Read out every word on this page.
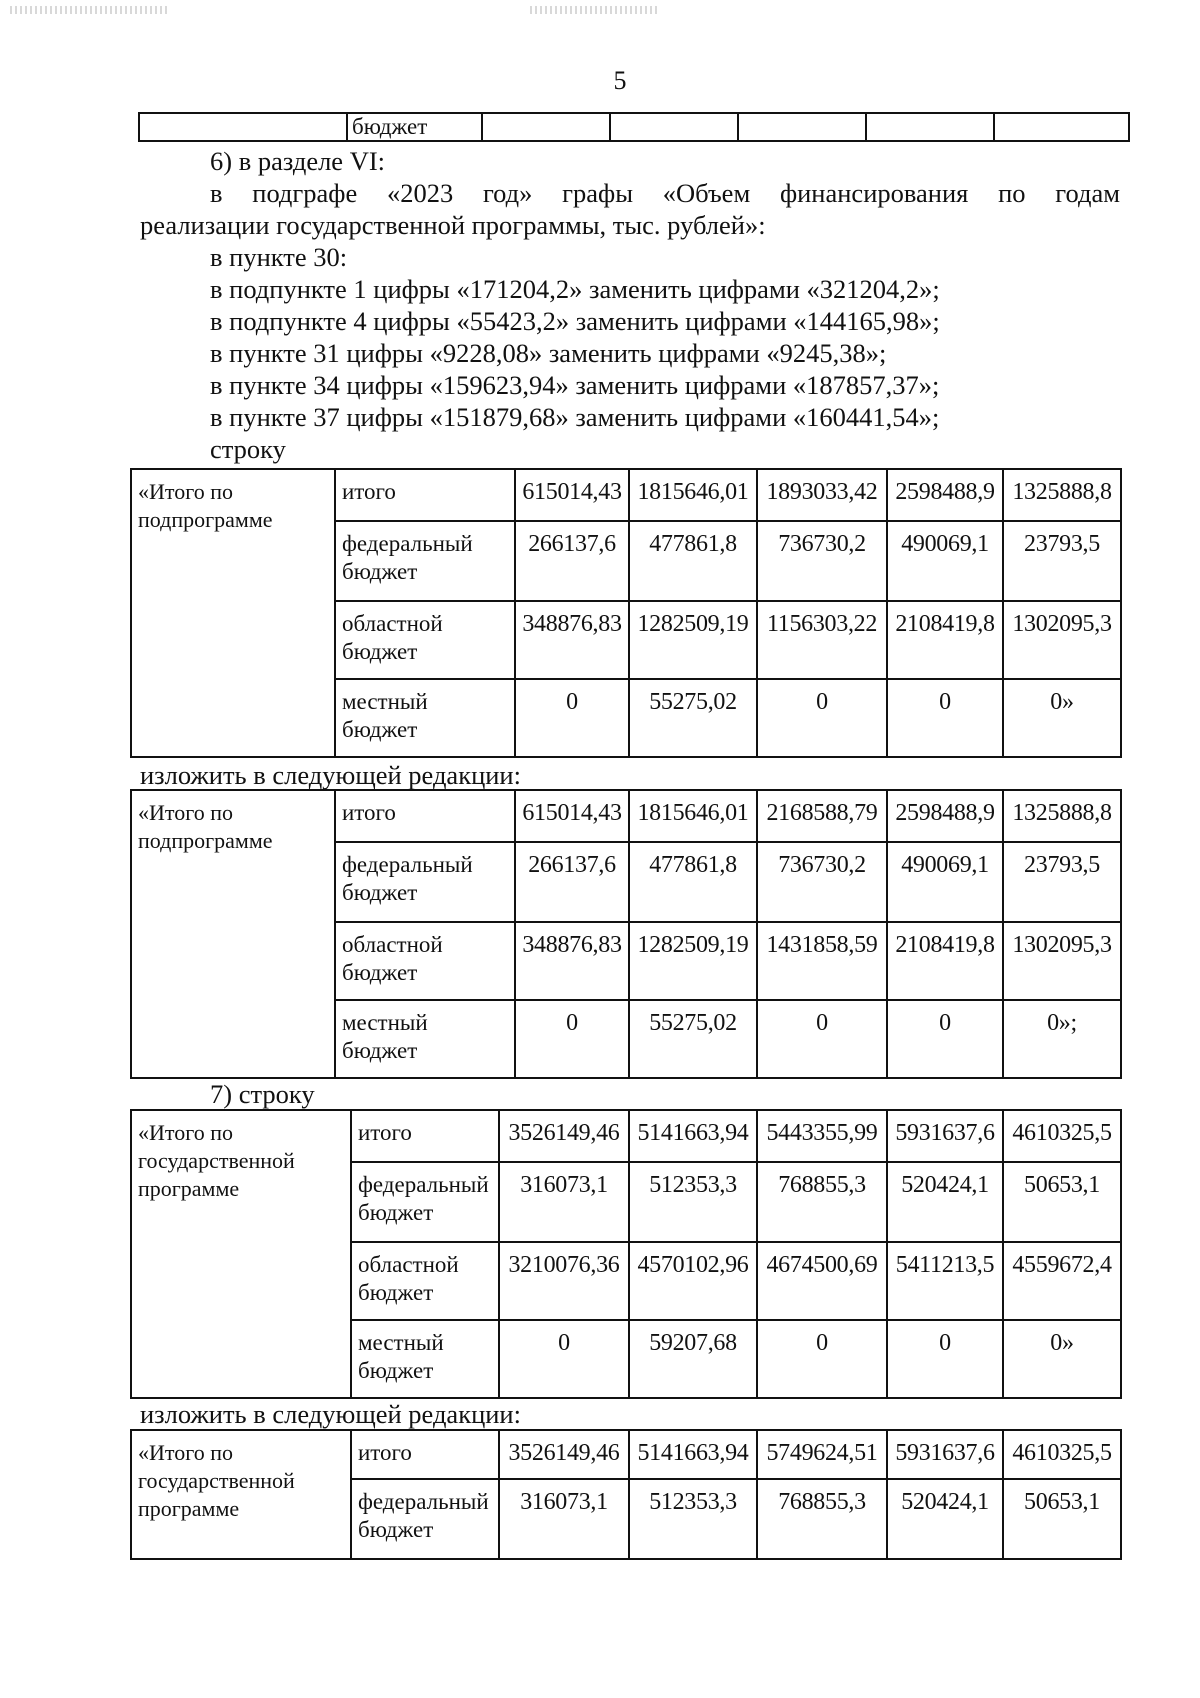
5
	бюджет					
6) в разделе VI:
в подграфе «2023 год» графы «Объем финансирования по годам
реализации государственной программы, тыс. рублей»:
в пункте 30:
в подпункте 1 цифры «171204,2» заменить цифрами «321204,2»;
в подпункте 4 цифры «55423,2» заменить цифрами «144165,98»;
в пункте 31 цифры «9228,08» заменить цифрами «9245,38»;
в пункте 34 цифры «159623,94» заменить цифрами «187857,37»;
в пункте 37 цифры «151879,68» заменить цифрами «160441,54»;
строку
«Итого по подпрограмме	итого	615014,43	1815646,01	1893033,42	2598488,9	1325888,8
	федеральный бюджет	266137,6	477861,8	736730,2	490069,1	23793,5
	областной бюджет	348876,83	1282509,19	1156303,22	2108419,8	1302095,3
	местный бюджет	0	55275,02	0	0	0»
изложить в следующей редакции:
«Итого по подпрограмме	итого	615014,43	1815646,01	2168588,79	2598488,9	1325888,8
	федеральный бюджет	266137,6	477861,8	736730,2	490069,1	23793,5
	областной бюджет	348876,83	1282509,19	1431858,59	2108419,8	1302095,3
	местный бюджет	0	55275,02	0	0	0»;
7) строку
«Итого по государственной программе	итого	3526149,46	5141663,94	5443355,99	5931637,6	4610325,5
	федеральный бюджет	316073,1	512353,3	768855,3	520424,1	50653,1
	областной бюджет	3210076,36	4570102,96	4674500,69	5411213,5	4559672,4
	местный бюджет	0	59207,68	0	0	0»
изложить в следующей редакции:
«Итого по государственной программе	итого	3526149,46	5141663,94	5749624,51	5931637,6	4610325,5
	федеральный бюджет	316073,1	512353,3	768855,3	520424,1	50653,1
